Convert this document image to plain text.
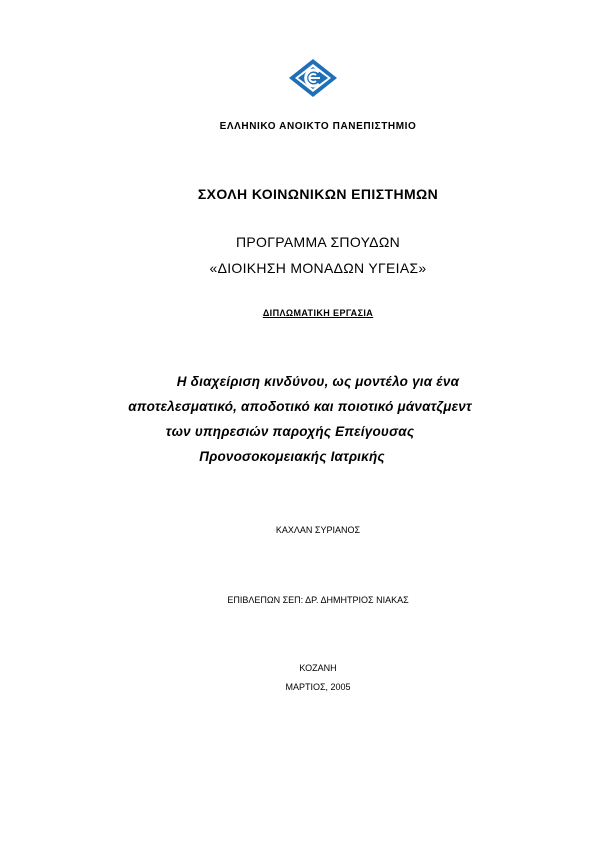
ΕΛΛΗΝΙΚΟ ΑΝΟΙΚΤΟ ΠΑΝΕΠΙΣΤΗΜΙΟ
ΣΧΟΛΗ ΚΟΙΝΩΝΙΚΩΝ ΕΠΙΣΤΗΜΩΝ
ΠΡΟΓΡΑΜΜΑ ΣΠΟΥΔΩΝ
«ΔΙΟΙΚΗΣΗ ΜΟΝΑΔΩΝ ΥΓΕΙΑΣ»
ΔΙΠΛΩΜΑΤΙΚΗ ΕΡΓΑΣΙΑ
Η διαχείριση κινδύνου, ως μοντέλο για ένα
αποτελεσματικό, αποδοτικό και ποιοτικό μάνατζμεντ
των υπηρεσιών παροχής Επείγουσας
Προνοσοκομειακής Ιατρικής
ΚΑΧΛΑΝ ΣΥΡΙΑΝΟΣ
ΕΠΙΒΛΕΠΩΝ ΣΕΠ: ΔΡ. ΔΗΜΗΤΡΙΟΣ ΝΙΑΚΑΣ
ΚΟΖΑΝΗ
ΜΑΡΤΙΟΣ, 2005
